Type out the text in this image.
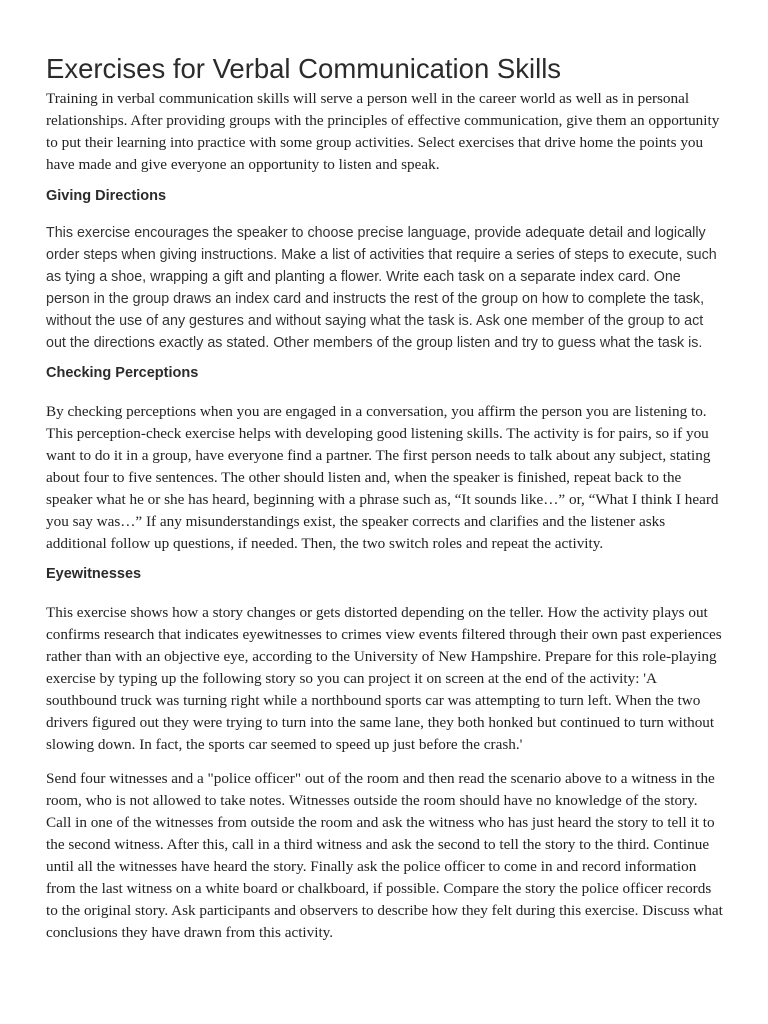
Exercises for Verbal Communication Skills

Training in verbal communication skills will serve a person well in the career world as well as in personal relationships. After providing groups with the principles of effective communication, give them an opportunity to put their learning into practice with some group activities. Select exercises that drive home the points you have made and give everyone an opportunity to listen and speak.

Giving Directions

This exercise encourages the speaker to choose precise language, provide adequate detail and logically order steps when giving instructions. Make a list of activities that require a series of steps to execute, such as tying a shoe, wrapping a gift and planting a flower. Write each task on a separate index card. One person in the group draws an index card and instructs the rest of the group on how to complete the task, without the use of any gestures and without saying what the task is. Ask one member of the group to act out the directions exactly as stated. Other members of the group listen and try to guess what the task is.

Checking Perceptions

By checking perceptions when you are engaged in a conversation, you affirm the person you are listening to. This perception-check exercise helps with developing good listening skills. The activity is for pairs, so if you want to do it in a group, have everyone find a partner. The first person needs to talk about any subject, stating about four to five sentences. The other should listen and, when the speaker is finished, repeat back to the speaker what he or she has heard, beginning with a phrase such as, “It sounds like…” or, “What I think I heard you say was…” If any misunderstandings exist, the speaker corrects and clarifies and the listener asks additional follow up questions, if needed. Then, the two switch roles and repeat the activity.

Eyewitnesses

This exercise shows how a story changes or gets distorted depending on the teller. How the activity plays out confirms research that indicates eyewitnesses to crimes view events filtered through their own past experiences rather than with an objective eye, according to the University of New Hampshire. Prepare for this role-playing exercise by typing up the following story so you can project it on screen at the end of the activity: 'A southbound truck was turning right while a northbound sports car was attempting to turn left. When the two drivers figured out they were trying to turn into the same lane, they both honked but continued to turn without slowing down. In fact, the sports car seemed to speed up just before the crash.'

Send four witnesses and a "police officer" out of the room and then read the scenario above to a witness in the room, who is not allowed to take notes. Witnesses outside the room should have no knowledge of the story. Call in one of the witnesses from outside the room and ask the witness who has just heard the story to tell it to the second witness. After this, call in a third witness and ask the second to tell the story to the third. Continue until all the witnesses have heard the story. Finally ask the police officer to come in and record information from the last witness on a white board or chalkboard, if possible. Compare the story the police officer records to the original story. Ask participants and observers to describe how they felt during this exercise. Discuss what conclusions they have drawn from this activity.
